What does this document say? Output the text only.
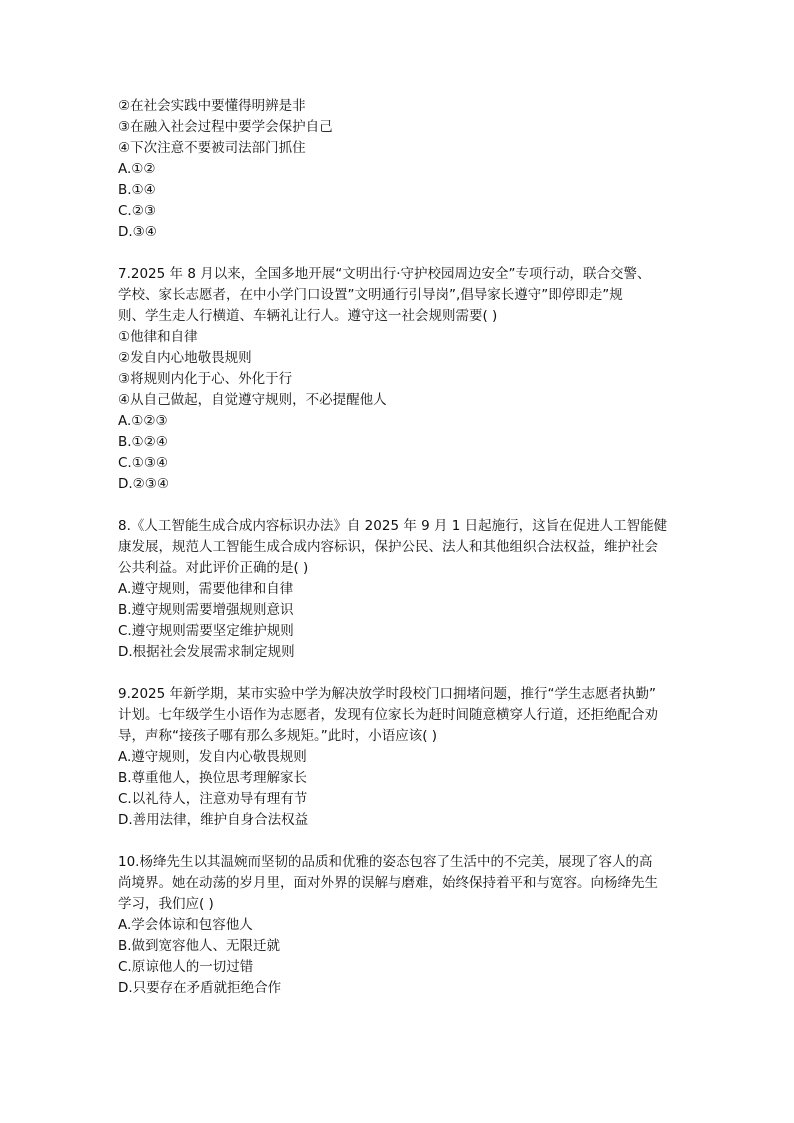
②在社会实践中要懂得明辨是非
③在融入社会过程中要学会保护自己
④下次注意不要被司法部门抓住
A.①②
B.①④
C.②③
D.③④
7.2025 年 8 月以来，全国多地开展“文明出行·守护校园周边安全”专项行动，联合交警、
学校、家长志愿者，在中小学门口设置”文明通行引导岗”,倡导家长遵守”即停即走”规
则、学生走人行横道、车辆礼让行人。遵守这一社会规则需要( )
①他律和自律
②发自内心地敬畏规则
③将规则内化于心、外化于行
④从自己做起，自觉遵守规则，不必提醒他人
A.①②③
B.①②④
C.①③④
D.②③④
8.《人工智能生成合成内容标识办法》自 2025 年 9 月 1 日起施行，这旨在促进人工智能健
康发展，规范人工智能生成合成内容标识，保护公民、法人和其他组织合法权益，维护社会
公共利益。对此评价正确的是( )
A.遵守规则，需要他律和自律
B.遵守规则需要增强规则意识
C.遵守规则需要坚定维护规则
D.根据社会发展需求制定规则
9.2025 年新学期，某市实验中学为解决放学时段校门口拥堵问题，推行“学生志愿者执勤”
计划。七年级学生小语作为志愿者，发现有位家长为赶时间随意横穿人行道，还拒绝配合劝
导，声称“接孩子哪有那么多规矩。”此时，小语应该( )
A.遵守规则，发自内心敬畏规则
B.尊重他人，换位思考理解家长
C.以礼待人，注意劝导有理有节
D.善用法律，维护自身合法权益
10.杨绛先生以其温婉而坚韧的品质和优雅的姿态包容了生活中的不完美，展现了容人的高
尚境界。她在动荡的岁月里，面对外界的误解与磨难，始终保持着平和与宽容。向杨绛先生
学习，我们应( )
A.学会体谅和包容他人
B.做到宽容他人、无限迁就
C.原谅他人的一切过错
D.只要存在矛盾就拒绝合作
